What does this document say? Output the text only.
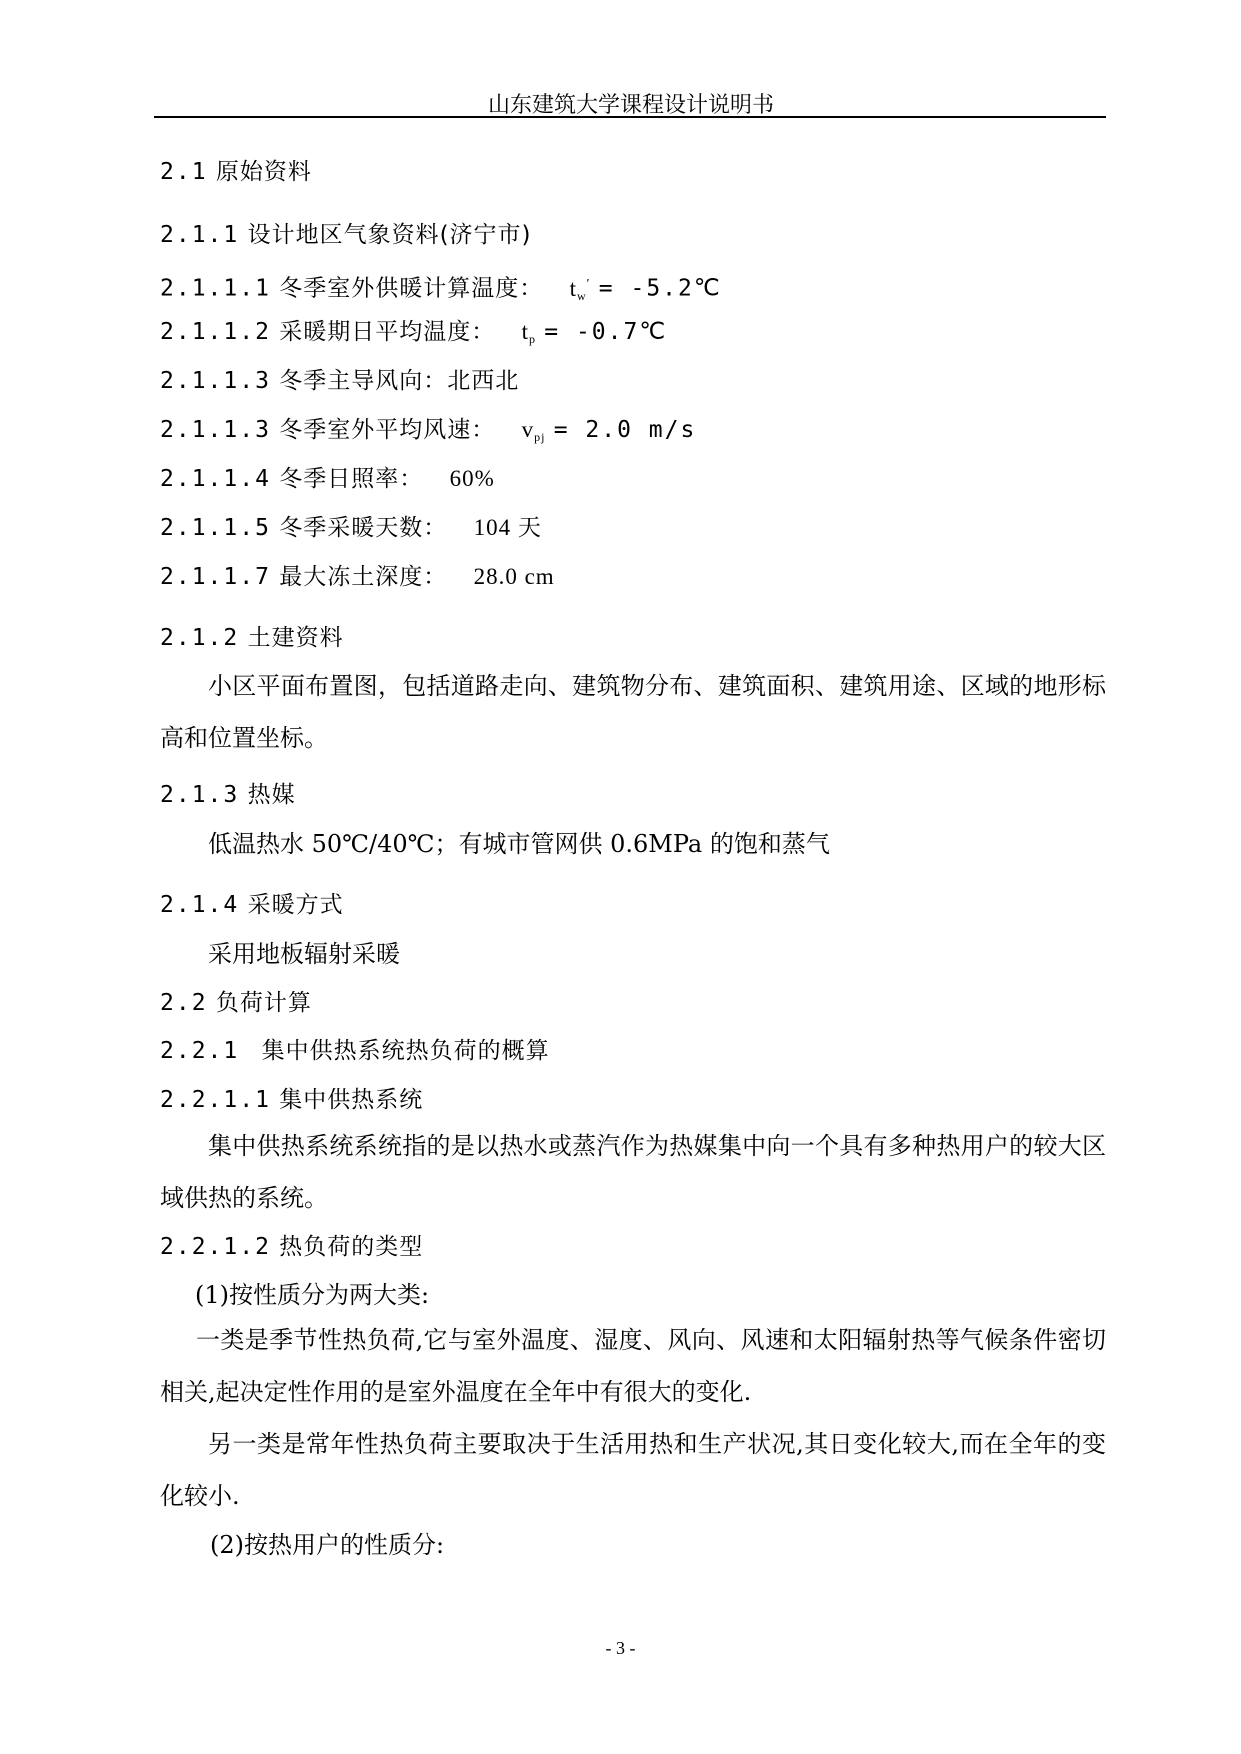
山东建筑大学课程设计说明书
2.1 原始资料
2.1.1 设计地区气象资料(济宁市)
2.1.1.1 冬季室外供暖计算温度： $t_w'$ = -5.2℃
2.1.1.2 采暖期日平均温度： $t_p$ = -0.7℃
2.1.1.3 冬季主导风向：北西北
2.1.1.3 冬季室外平均风速： $v_{pj} = 2.0$ m/s
2.1.1.4 冬季日照率： 60%
2.1.1.5 冬季采暖天数： 104 天
2.1.1.7 最大冻土深度： 28.0 cm
2.1.2 土建资料
小区平面布置图，包括道路走向、建筑物分布、建筑面积、建筑用途、区域的地形标高和位置坐标。
2.1.3 热媒
低温热水 50℃/40℃；有城市管网供 0.6MPa 的饱和蒸气
2.1.4 采暖方式
采用地板辐射采暖
2.2 负荷计算
2.2.1 集中供热系统热负荷的概算
2.2.1.1 集中供热系统
集中供热系统系统指的是以热水或蒸汽作为热媒集中向一个具有多种热用户的较大区域供热的系统。
2.2.1.2 热负荷的类型
(1)按性质分为两大类:
一类是季节性热负荷,它与室外温度、湿度、风向、风速和太阳辐射热等气候条件密切相关,起决定性作用的是室外温度在全年中有很大的变化.
另一类是常年性热负荷主要取决于生活用热和生产状况,其日变化较大,而在全年的变化较小.
(2)按热用户的性质分:
- 3 -
